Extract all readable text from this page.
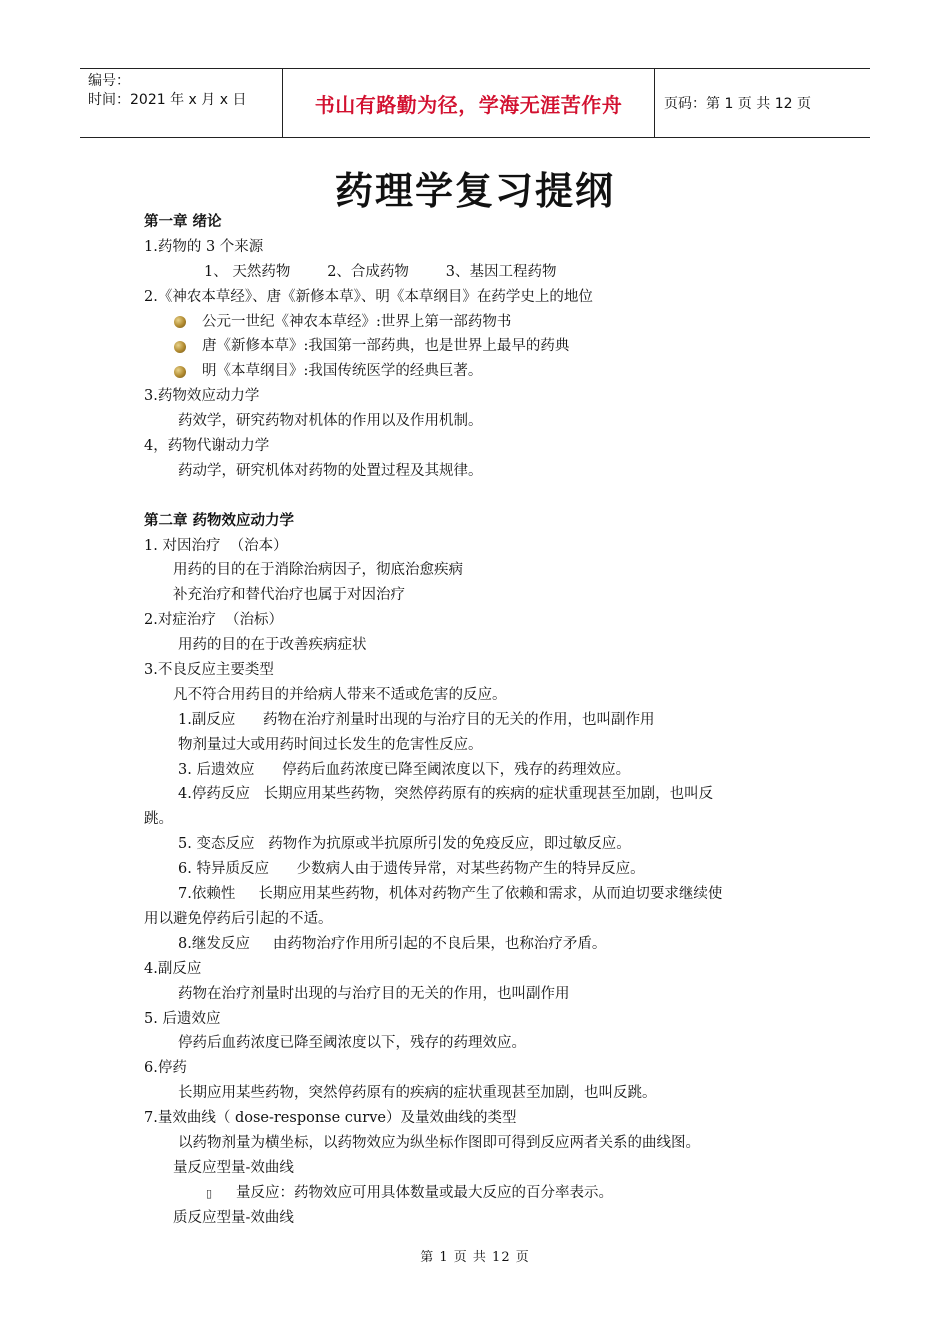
编号：
时间：2021 年 x 月 x 日	书山有路勤为径，学海无涯苦作舟	页码：第 1 页 共 12 页
药理学复习提纲
第一章 绪论
1.药物的 3 个来源
1、 天然药物        2、合成药物        3、基因工程药物
2.《神农本草经》、唐《新修本草》、明《本草纲目》在药学史上的地位
公元一世纪《神农本草经》:世界上第一部药物书
唐《新修本草》:我国第一部药典，也是世界上最早的药典
明《本草纲目》:我国传统医学的经典巨著。
3.药物效应动力学
药效学，研究药物对机体的作用以及作用机制。
4，药物代谢动力学
药动学，研究机体对药物的处置过程及其规律。
第二章 药物效应动力学
1. 对因治疗  （治本）
用药的目的在于消除治病因子，彻底治愈疾病
补充治疗和替代治疗也属于对因治疗
2.对症治疗  （治标）
用药的目的在于改善疾病症状
3.不良反应主要类型
凡不符合用药目的并给病人带来不适或危害的反应。
1.副反应      药物在治疗剂量时出现的与治疗目的无关的作用，也叫副作用
物剂量过大或用药时间过长发生的危害性反应。
3. 后遗效应      停药后血药浓度已降至阈浓度以下，残存的药理效应。
4.停药反应   长期应用某些药物，突然停药原有的疾病的症状重现甚至加剧，也叫反
跳。
5. 变态反应   药物作为抗原或半抗原所引发的免疫反应，即过敏反应。
6. 特异质反应      少数病人由于遗传异常，对某些药物产生的特异反应。
7.依赖性     长期应用某些药物，机体对药物产生了依赖和需求，从而迫切要求继续使
用以避免停药后引起的不适。
8.继发反应     由药物治疗作用所引起的不良后果，也称治疗矛盾。
4.副反应
药物在治疗剂量时出现的与治疗目的无关的作用，也叫副作用
5. 后遗效应
停药后血药浓度已降至阈浓度以下，残存的药理效应。
6.停药
长期应用某些药物，突然停药原有的疾病的症状重现甚至加剧，也叫反跳。
7.量效曲线（ dose-response curve）及量效曲线的类型
以药物剂量为横坐标，以药物效应为纵坐标作图即可得到反应两者关系的曲线图。
量反应型量-效曲线
▯ 量反应：药物效应可用具体数量或最大反应的百分率表示。
质反应型量-效曲线
第 1 页 共 12 页
